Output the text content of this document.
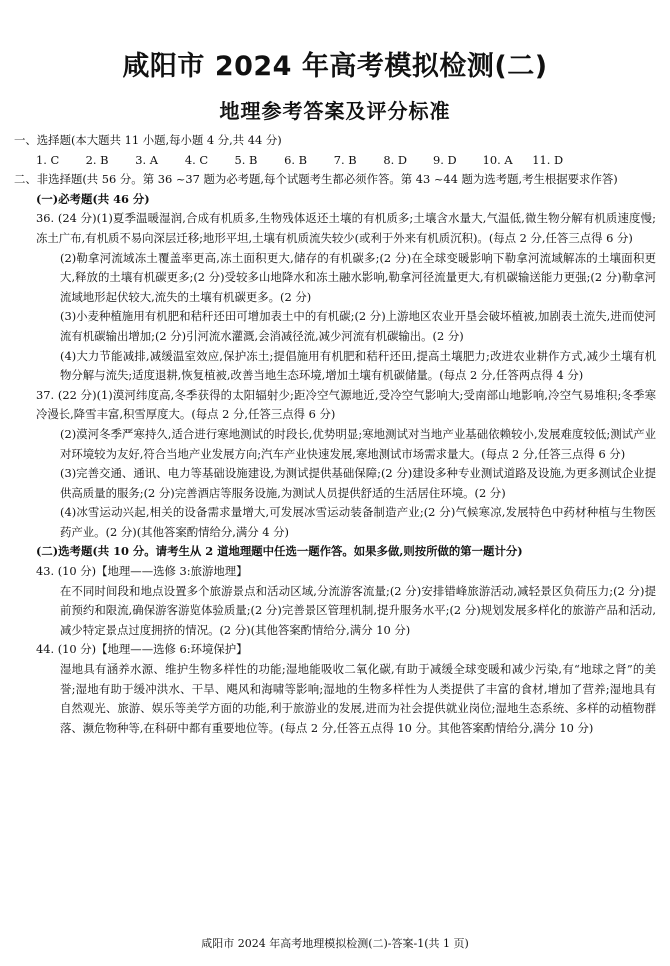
咸阳市 2024 年高考模拟检测(二)
地理参考答案及评分标准

一、选择题(本大题共 11 小题,每小题 4 分,共 44 分)

1. C 2. B 3. A 4. C 5. B 6. B 7. B 8. D 9. D 10. A 11. D

二、非选择题(共 56 分。第 36 ~37 题为必考题,每个试题考生都必须作答。第 43 ~44 题为选考题,考生根据要求作答)

(一)必考题(共 46 分)

36. (24 分)(1)夏季温暖湿润,合成有机质多,生物残体返还土壤的有机质多;土壤含水量大,气温低,微生物分解有机质速度慢;冻土广布,有机质不易向深层迁移;地形平坦,土壤有机质流失较少(或利于外来有机质沉积)。(每点 2 分,任答三点得 6 分)

(2)勒拿河流域冻土覆盖率更高,冻土面积更大,储存的有机碳多;(2 分)在全球变暖影响下勒拿河流域解冻的土壤面积更大,释放的土壤有机碳更多;(2 分)受较多山地降水和冻土融水影响,勒拿河径流量更大,有机碳输送能力更强;(2 分)勒拿河流域地形起伏较大,流失的土壤有机碳更多。(2 分)

(3)小麦种植施用有机肥和秸秆还田可增加表土中的有机碳;(2 分)上游地区农业开垦会破坏植被,加剧表土流失,进而使河流有机碳输出增加;(2 分)引河流水灌溉,会消减径流,减少河流有机碳输出。(2 分)

(4)大力节能减排,减缓温室效应,保护冻土;提倡施用有机肥和秸秆还田,提高土壤肥力;改进农业耕作方式,减少土壤有机物分解与流失;适度退耕,恢复植被,改善当地生态环境,增加土壤有机碳储量。(每点 2 分,任答两点得 4 分)

37. (22 分)(1)漠河纬度高,冬季获得的太阳辐射少;距冷空气源地近,受冷空气影响大;受南部山地影响,冷空气易堆积;冬季寒冷漫长,降雪丰富,积雪厚度大。(每点 2 分,任答三点得 6 分)

(2)漠河冬季严寒持久,适合进行寒地测试的时段长,优势明显;寒地测试对当地产业基础依赖较小,发展难度较低;测试产业对环境较为友好,符合当地产业发展方向;汽车产业快速发展,寒地测试市场需求量大。(每点 2 分,任答三点得 6 分)

(3)完善交通、通讯、电力等基础设施建设,为测试提供基础保障;(2 分)建设多种专业测试道路及设施,为更多测试企业提供高质量的服务;(2 分)完善酒店等服务设施,为测试人员提供舒适的生活居住环境。(2 分)

(4)冰雪运动兴起,相关的设备需求量增大,可发展冰雪运动装备制造产业;(2 分)气候寒凉,发展特色中药材种植与生物医药产业。(2 分)(其他答案酌情给分,满分 4 分)

(二)选考题(共 10 分。请考生从 2 道地理题中任选一题作答。如果多做,则按所做的第一题计分)

43. (10 分)【地理——选修 3:旅游地理】

在不同时间段和地点设置多个旅游景点和活动区域,分流游客流量;(2 分)安排错峰旅游活动,减轻景区负荷压力;(2 分)提前预约和限流,确保游客游览体验质量;(2 分)完善景区管理机制,提升服务水平;(2 分)规划发展多样化的旅游产品和活动,减少特定景点过度拥挤的情况。(2 分)(其他答案酌情给分,满分 10 分)

44. (10 分)【地理——选修 6:环境保护】

湿地具有涵养水源、维护生物多样性的功能;湿地能吸收二氧化碳,有助于减缓全球变暖和减少污染,有“地球之肾”的美誉;湿地有助于缓冲洪水、干旱、飓风和海啸等影响;湿地的生物多样性为人类提供了丰富的食材,增加了营养;湿地具有自然观光、旅游、娱乐等美学方面的功能,利于旅游业的发展,进而为社会提供就业岗位;湿地生态系统、多样的动植物群落、濒危物种等,在科研中都有重要地位等。(每点 2 分,任答五点得 10 分。其他答案酌情给分,满分 10 分)

咸阳市 2024 年高考地理模拟检测(二)-答案-1(共 1 页)
